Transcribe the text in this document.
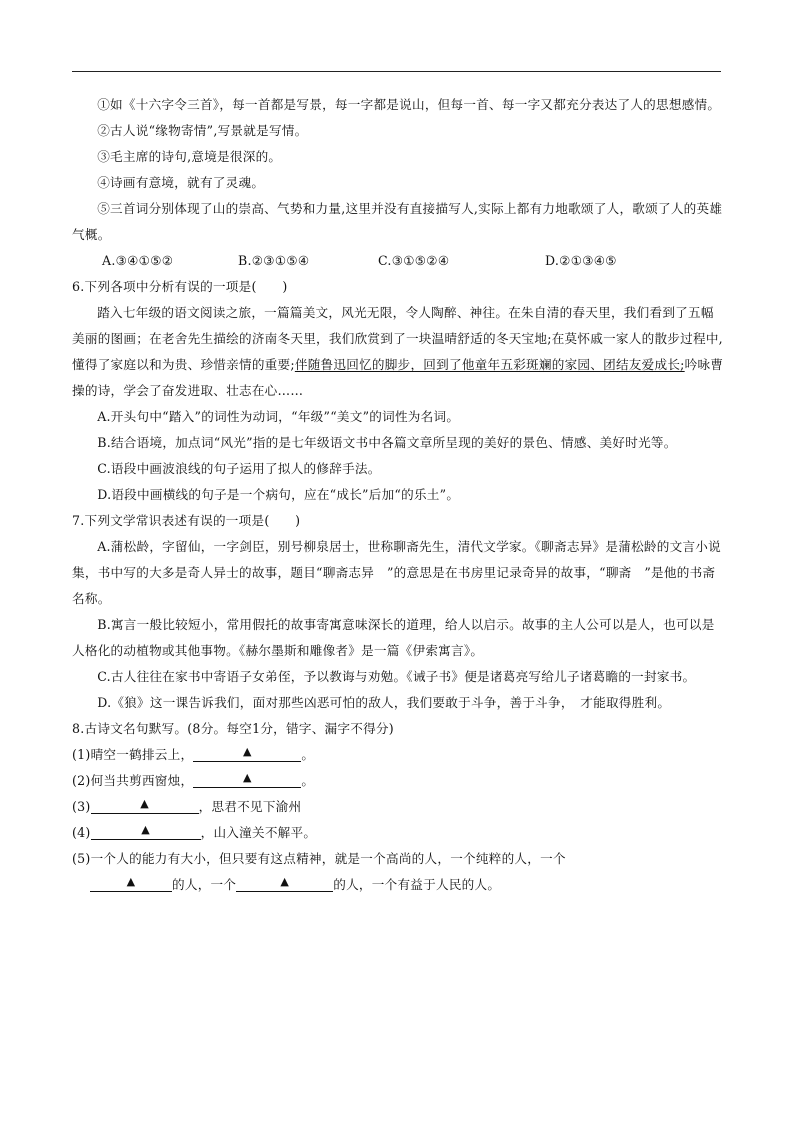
①如《十六字令三首》，每一首都是写景，每一字都是说山，但每一首、每一字又都充分表达了人的思想感情。

②古人说“缘物寄情”,写景就是写情。

③毛主席的诗句,意境是很深的。

④诗画有意境，就有了灵魂。

⑤三首词分别体现了山的崇高、气势和力量,这里并没有直接描写人,实际上都有力地歌颂了人，歌颂了人的英雄气概。

A.③④①⑤②	B.②③①⑤④	C.③①⑤②④	D.②①③④⑤

6.下列各项中分析有误的一项是(　　)

踏入七年级的语文阅读之旅，一篇篇美文，风光无限，令人陶醉、神往。在朱自清的春天里，我们看到了五幅美丽的图画；在老舍先生描绘的济南冬天里，我们欣赏到了一块温晴舒适的冬天宝地;在莫怀戚一家人的散步过程中,懂得了家庭以和为贵、珍惜亲情的重要;伴随鲁迅回忆的脚步，回到了他童年五彩斑斓的家园、团结友爱成长;吟咏曹操的诗，学会了奋发进取、壮志在心……

A.开头句中“踏入”的词性为动词，“年级”“美文”的词性为名词。

B.结合语境，加点词“风光”指的是七年级语文书中各篇文章所呈现的美好的景色、情感、美好时光等。

C.语段中画波浪线的句子运用了拟人的修辞手法。

D.语段中画横线的句子是一个病句，应在“成长”后加“的乐土”。

7.下列文学常识表述有误的一项是(　　)

A.蒲松龄，字留仙，一字剑臣，别号柳泉居士，世称聊斋先生，清代文学家。《聊斋志异》是蒲松龄的文言小说集，书中写的大多是奇人异士的故事，题目“聊斋志异　”的意思是在书房里记录奇异的故事，“聊斋　”是他的书斋名称。

B.寓言一般比较短小，常用假托的故事寄寓意味深长的道理，给人以启示。故事的主人公可以是人，也可以是人格化的动植物或其他事物。《赫尔墨斯和雕像者》是一篇《伊索寓言》。

C.古人往往在家书中寄语子女弟侄，予以教诲与劝勉。《诫子书》便是诸葛亮写给儿子诸葛瞻的一封家书。

D.《狼》这一课告诉我们，面对那些凶恶可怕的敌人，我们要敢于斗争，善于斗争，　才能取得胜利。

8.古诗文名句默写。(8分。每空1分，错字、漏字不得分)

(1)晴空一鹤排云上，	▲	。

(2)何当共剪西窗烛，	▲	。

(3)	▲	，思君不见下渝州

(4)	▲	，山入潼关不解平。

(5)一个人的能力有大小，但只要有这点精神，就是一个高尚的人，一个纯粹的人，一个

▲	的人，一个	▲	的人，一个有益于人民的人。
